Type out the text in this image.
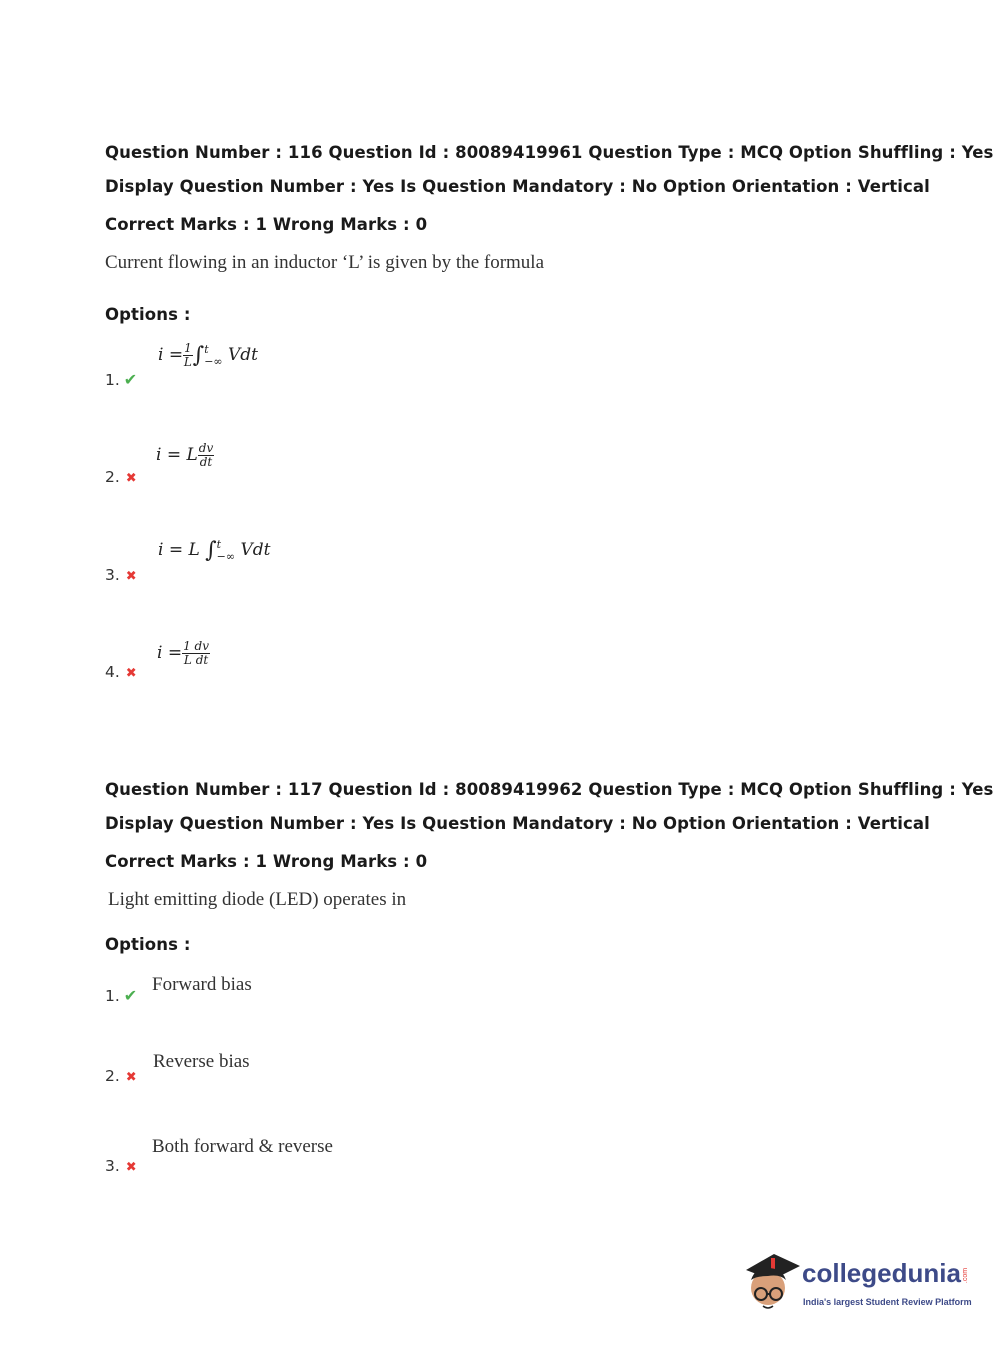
Question Number : 116 Question Id : 80089419961 Question Type : MCQ Option Shuffling : Yes
Display Question Number : Yes Is Question Mandatory : No Option Orientation : Vertical
Correct Marks : 1 Wrong Marks : 0
Current flowing in an inductor ‘L’ is given by the formula
Options :
1. ✔
$i = \frac{1}{L} \int t$
−∞ Vdt
2. ✖
i = L $\frac{dv}{dt}$
3. ✖
i = L ∫t
−∞ Vdt
4. ✖
$i = \frac{1 dv}{\text{L dt}}$
Question Number : 117 Question Id : 80089419962 Question Type : MCQ Option Shuffling : Yes
Display Question Number : Yes Is Question Mandatory : No Option Orientation : Vertical
Correct Marks : 1 Wrong Marks : 0
Light emitting diode (LED) operates in
Options :
1. ✔
Forward bias
2. ✖
Reverse bias
3. ✖
Both forward & reverse
collegedunia .com
India's largest Student Review Platform
